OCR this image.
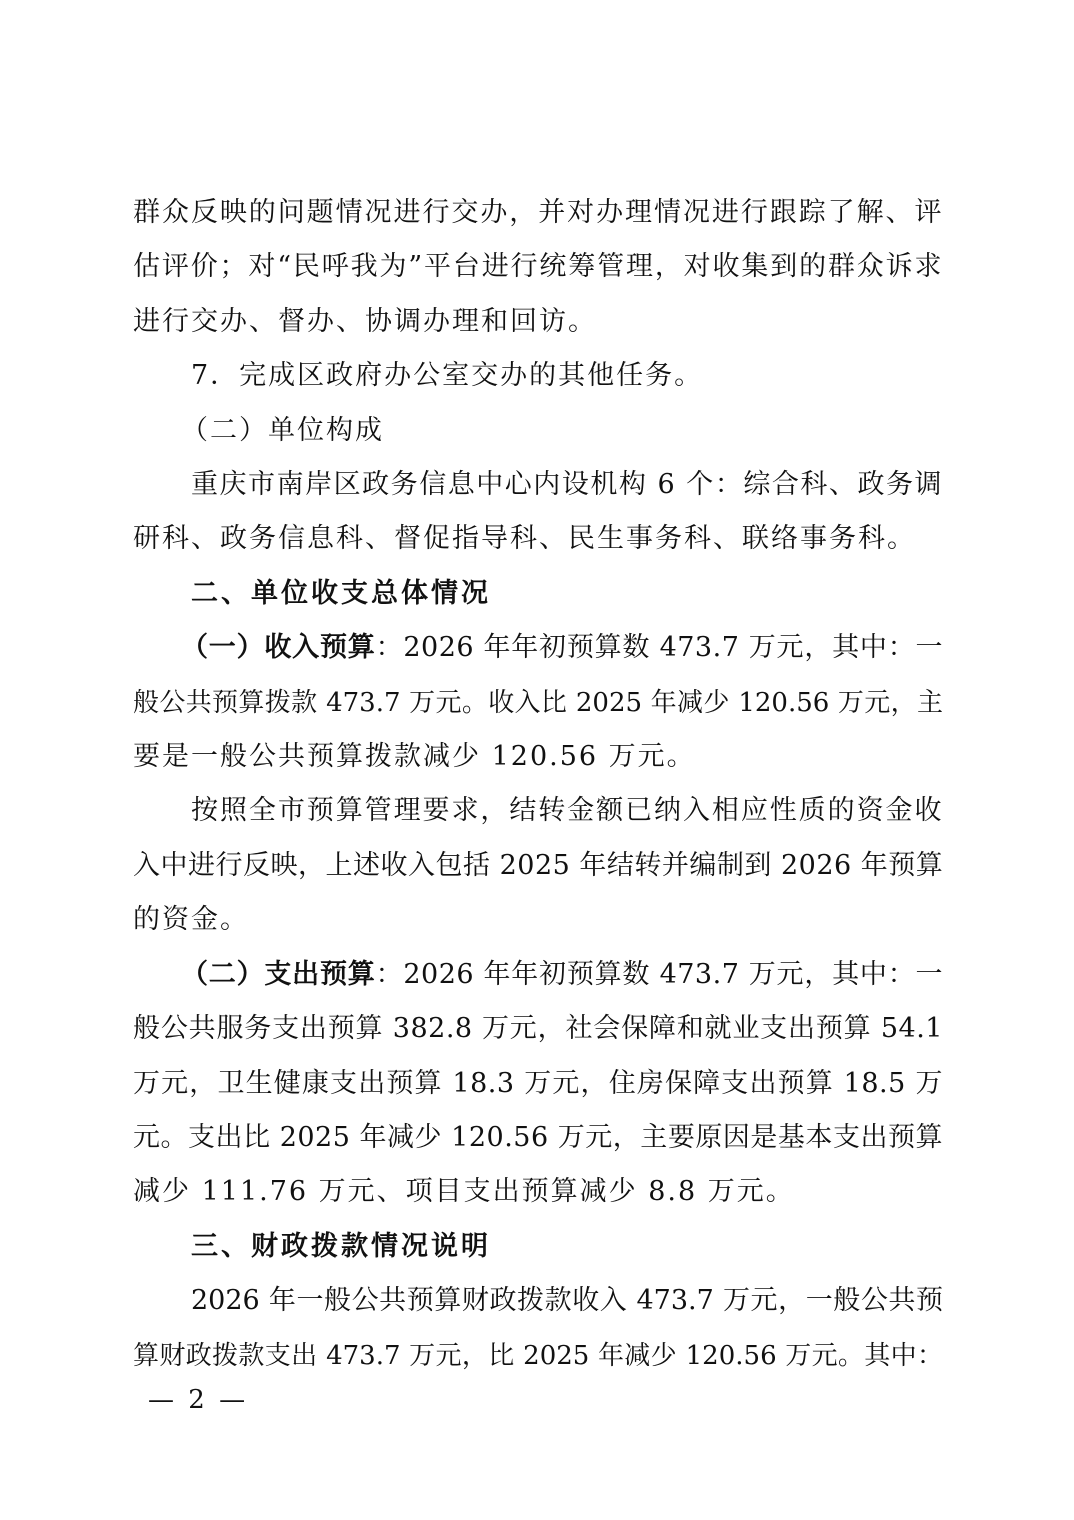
群众反映的问题情况进行交办，并对办理情况进行跟踪了解、评
估评价；对“民呼我为”平台进行统筹管理，对收集到的群众诉求
进行交办、督办、协调办理和回访。

7．完成区政府办公室交办的其他任务。

（二）单位构成

重庆市南岸区政务信息中心内设机构 6 个：综合科、政务调
研科、政务信息科、督促指导科、民生事务科、联络事务科。

二、单位收支总体情况

（一）收入预算：2026 年年初预算数 473.7 万元，其中：一
般公共预算拨款 473.7 万元。收入比 2025 年减少 120.56 万元，主
要是一般公共预算拨款减少 120.56 万元。

按照全市预算管理要求，结转金额已纳入相应性质的资金收
入中进行反映，上述收入包括 2025 年结转并编制到 2026 年预算
的资金。

（二）支出预算：2026 年年初预算数 473.7 万元，其中：一
般公共服务支出预算 382.8 万元，社会保障和就业支出预算 54.1
万元，卫生健康支出预算 18.3 万元，住房保障支出预算 18.5 万
元。支出比 2025 年减少 120.56 万元，主要原因是基本支出预算
减少 111.76 万元、项目支出预算减少 8.8 万元。

三、财政拨款情况说明

2026 年一般公共预算财政拨款收入 473.7 万元，一般公共预
算财政拨款支出 473.7 万元，比 2025 年减少 120.56 万元。其中：

— 2 —
